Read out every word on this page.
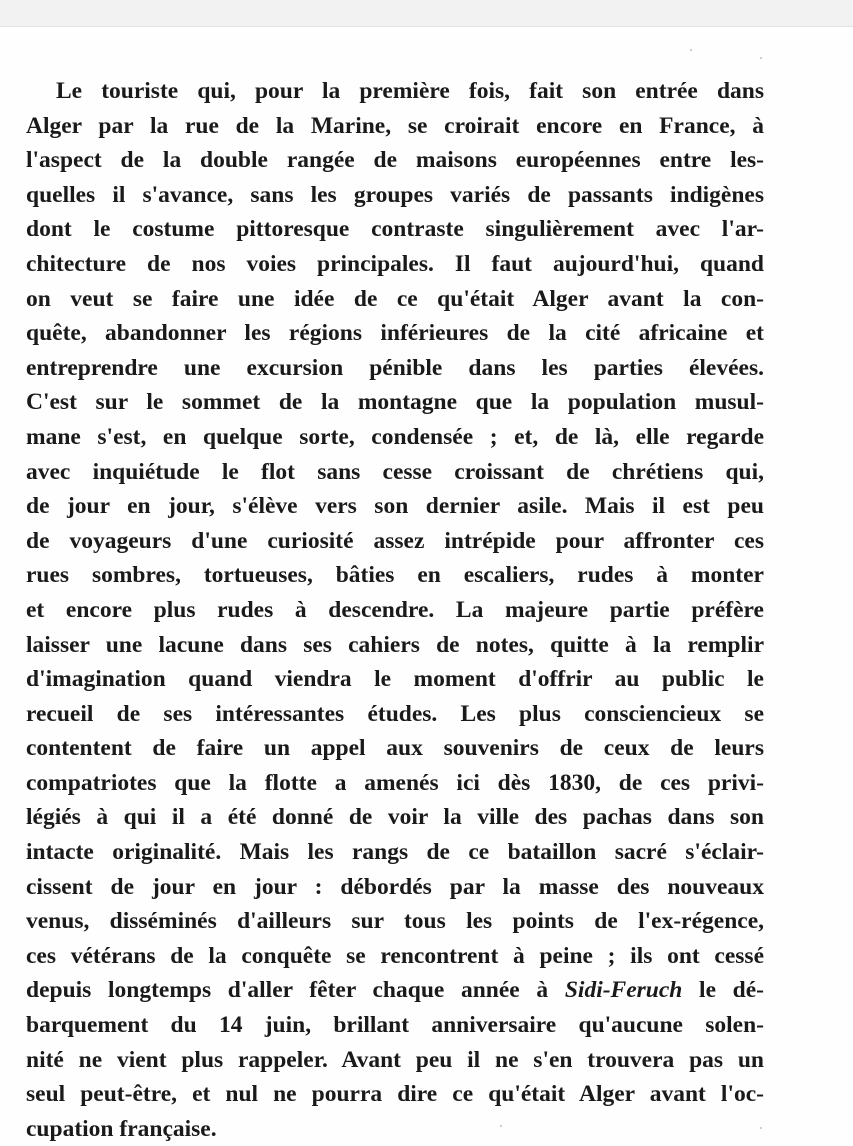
Le touriste qui, pour la première fois, fait son entrée dans
Alger par la rue de la Marine, se croirait encore en France, à
l'aspect de la double rangée de maisons européennes entre les-
quelles il s'avance, sans les groupes variés de passants indigènes
dont le costume pittoresque contraste singulièrement avec l'ar-
chitecture de nos voies principales. Il faut aujourd'hui, quand
on veut se faire une idée de ce qu'était Alger avant la con-
quête, abandonner les régions inférieures de la cité africaine et
entreprendre une excursion pénible dans les parties élevées.
C'est sur le sommet de la montagne que la population musul-
mane s'est, en quelque sorte, condensée ; et, de là, elle regarde
avec inquiétude le flot sans cesse croissant de chrétiens qui,
de jour en jour, s'élève vers son dernier asile. Mais il est peu
de voyageurs d'une curiosité assez intrépide pour affronter ces
rues sombres, tortueuses, bâties en escaliers, rudes à monter
et encore plus rudes à descendre. La majeure partie préfère
laisser une lacune dans ses cahiers de notes, quitte à la remplir
d'imagination quand viendra le moment d'offrir au public le
recueil de ses intéressantes études. Les plus consciencieux se
contentent de faire un appel aux souvenirs de ceux de leurs
compatriotes que la flotte a amenés ici dès 1830, de ces privi-
légiés à qui il a été donné de voir la ville des pachas dans son
intacte originalité. Mais les rangs de ce bataillon sacré s'éclair-
cissent de jour en jour : débordés par la masse des nouveaux
venus, disséminés d'ailleurs sur tous les points de l'ex-régence,
ces vétérans de la conquête se rencontrent à peine ; ils ont cessé
depuis longtemps d'aller fêter chaque année à Sidi-Feruch le dé-
barquement du 14 juin, brillant anniversaire qu'aucune solen-
nité ne vient plus rappeler. Avant peu il ne s'en trouvera pas un
seul peut-être, et nul ne pourra dire ce qu'était Alger avant l'oc-
cupation française.
